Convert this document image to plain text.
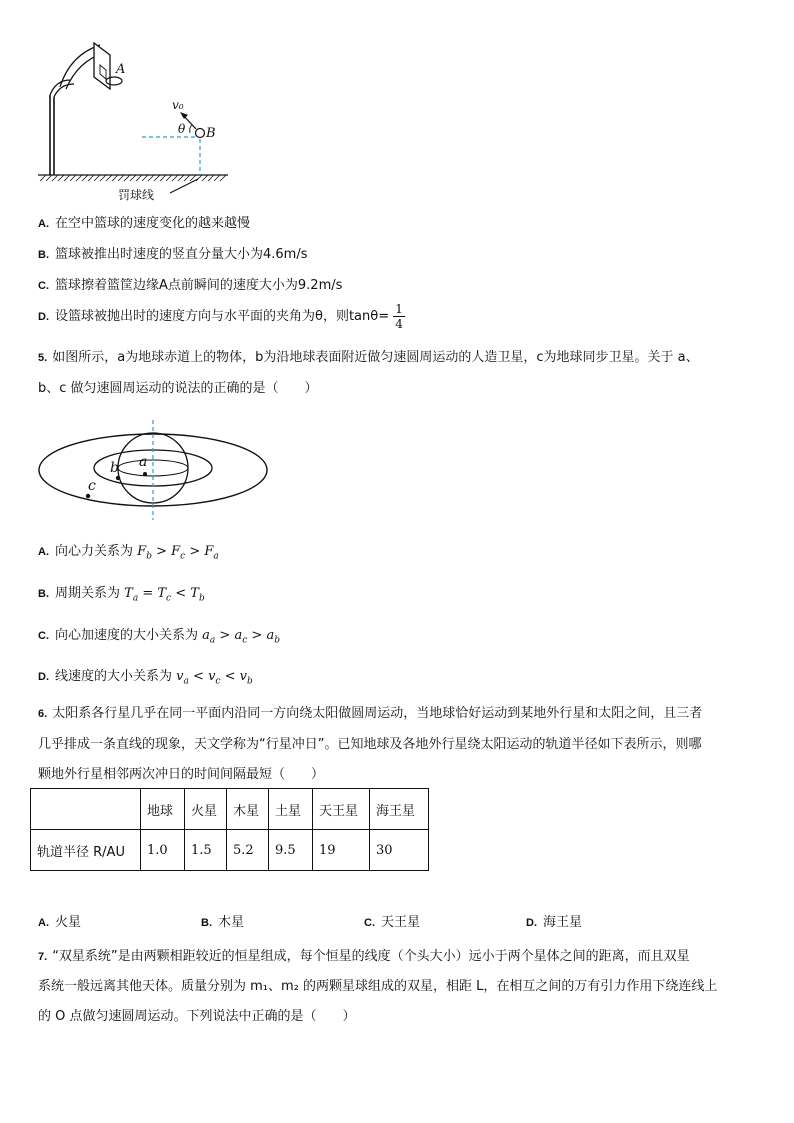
A
v₀
θ B
罚球线
A. 在空中篮球的速度变化的越来越慢
B. 篮球被推出时速度的竖直分量大小为4.6m/s
C. 篮球擦着篮筐边缘A点前瞬间的速度大小为9.2m/s
D. 设篮球被抛出时的速度方向与水平面的夹角为θ，则$\tan\theta= \frac{1}{4}$
5. 如图所示，a为地球赤道上的物体，b为沿地球表面附近做匀速圆周运动的人造卫星，c为地球同步卫星。关于 a、
b、c 做匀速圆周运动的说法的正确的是（　　）
a
b
c
A. 向心力关系为 $F_b > F_c > F_a$
B. 周期关系为 $T_a = T_c < T_b$
C. 向心加速度的大小关系为 $a_a > a_c > a_b$
D. 线速度的大小关系为 $v_a < v_c < v_b$
6. 太阳系各行星几乎在同一平面内沿同一方向绕太阳做圆周运动，当地球恰好运动到某地外行星和太阳之间，且三者
几乎排成一条直线的现象，天文学称为“行星冲日”。已知地球及各地外行星绕太阳运动的轨道半径如下表所示，则哪
颗地外行星相邻两次冲日的时间间隔最短（　　）
	地球	火星	木星	土星	天王星	海王星
轨道半径 R/AU	1.0	1.5	5.2	9.5	19	30
A. 火星	B. 木星	C. 天王星	D. 海王星
7. “双星系统”是由两颗相距较近的恒星组成，每个恒星的线度（个头大小）远小于两个星体之间的距离，而且双星
系统一般远离其他天体。质量分别为 m₁、m₂ 的两颗星球组成的双星，相距 L，在相互之间的万有引力作用下绕连线上
的 O 点做匀速圆周运动。下列说法中正确的是（　　）
